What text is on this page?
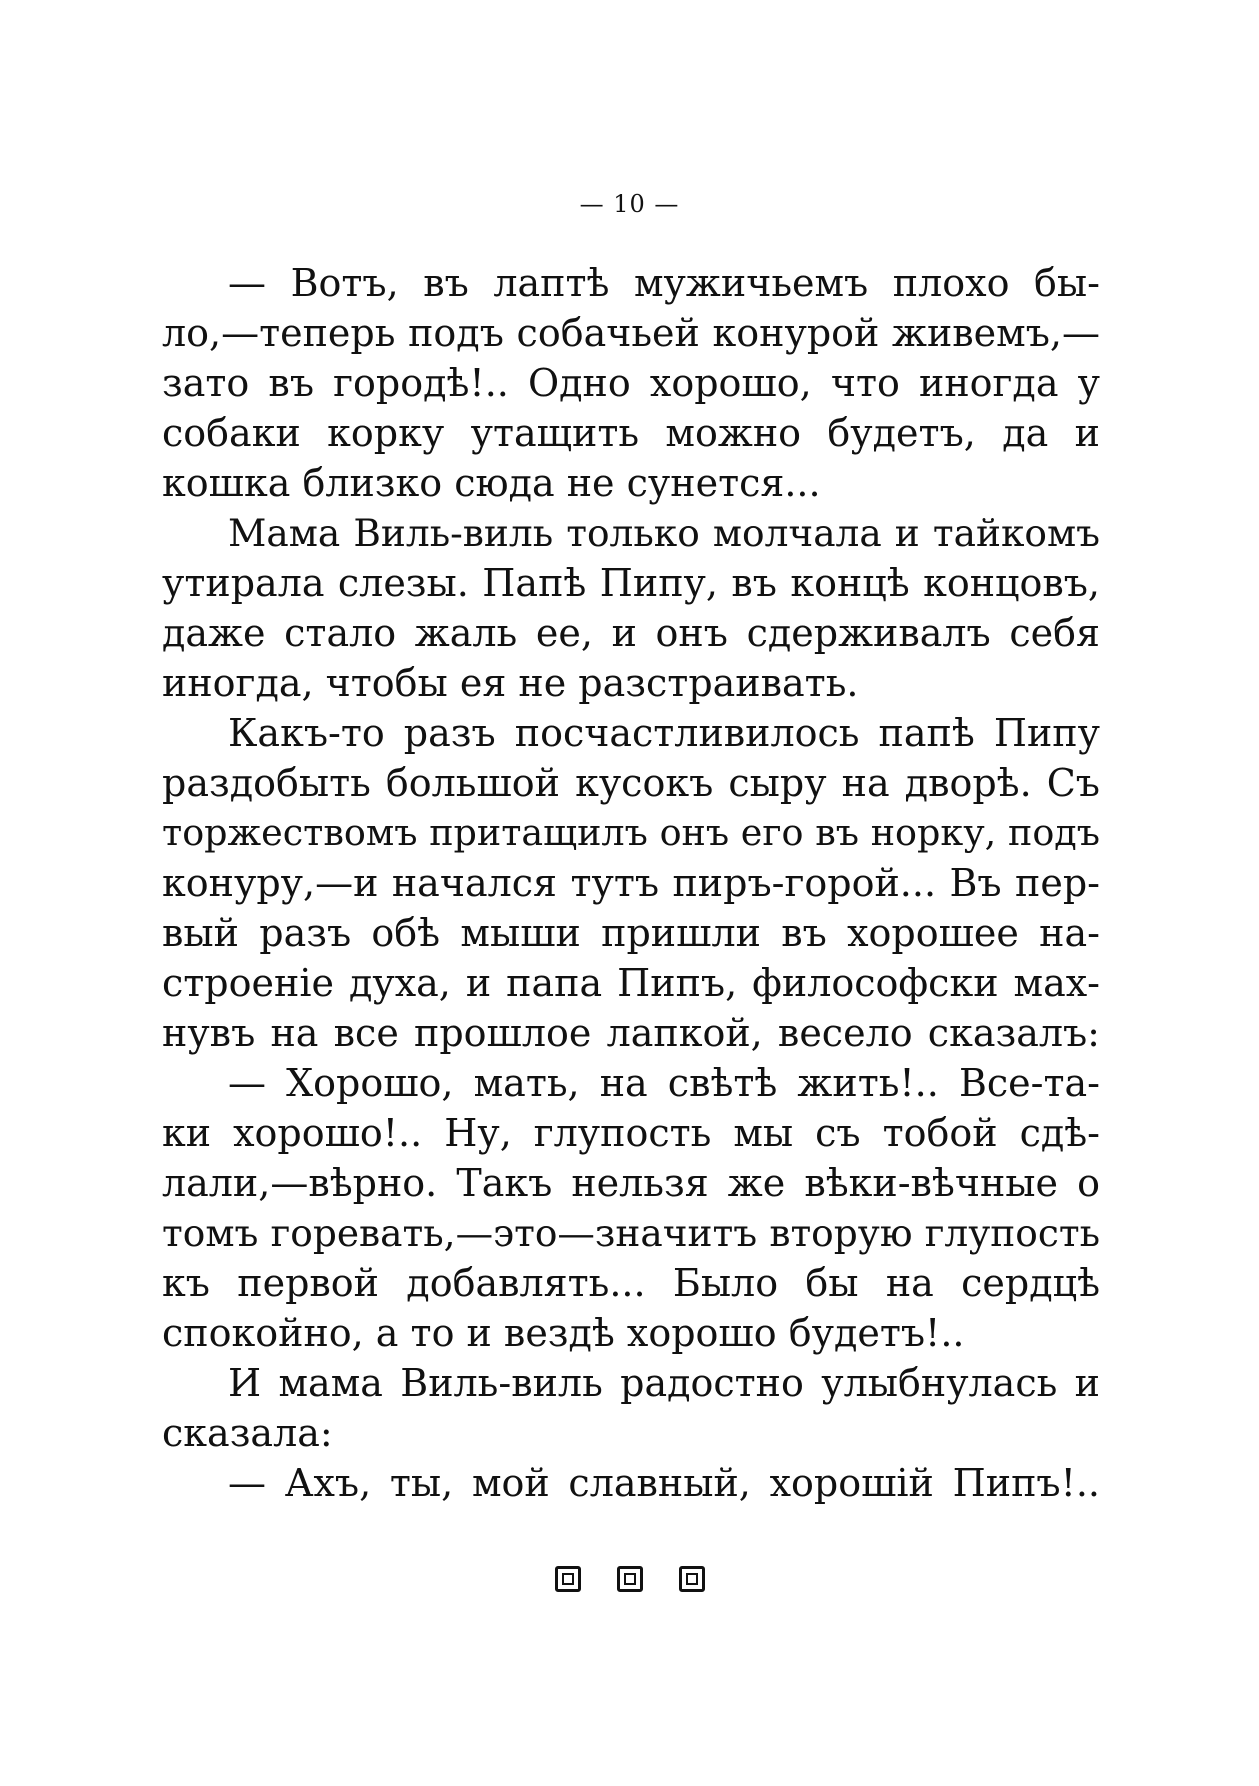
— 10 —
— Вотъ, въ лаптѣ мужичьемъ плохо бы-
ло,—теперь подъ собачьей конурой живемъ,—
зато въ городѣ!.. Одно хорошо, что иногда у
собаки корку утащить можно будетъ, да и
кошка близко сюда не сунется...
Мама Виль-виль только молчала и тайкомъ
утирала слезы. Папѣ Пипу, въ концѣ концовъ,
даже стало жаль ее, и онъ сдерживалъ себя
иногда, чтобы ея не разстраивать.
Какъ-то разъ посчастливилось папѣ Пипу
раздобыть большой кусокъ сыру на дворѣ. Съ
торжествомъ притащилъ онъ его въ норку, подъ
конуру,—и начался тутъ пиръ-горой... Въ пер-
вый разъ обѣ мыши пришли въ хорошее на-
строеніе духа, и папа Пипъ, философски мах-
нувъ на все прошлое лапкой, весело сказалъ:
— Хорошо, мать, на свѣтѣ жить!.. Все-та-
ки хорошо!.. Ну, глупость мы съ тобой сдѣ-
лали,—вѣрно. Такъ нельзя же вѣки-вѣчные о
томъ горевать,—это—значитъ вторую глупость
къ первой добавлять... Было бы на сердцѣ
спокойно, а то и вездѣ хорошо будетъ!..
И мама Виль-виль радостно улыбнулась и
сказала:
— Ахъ, ты, мой славный, хорошій Пипъ!..
